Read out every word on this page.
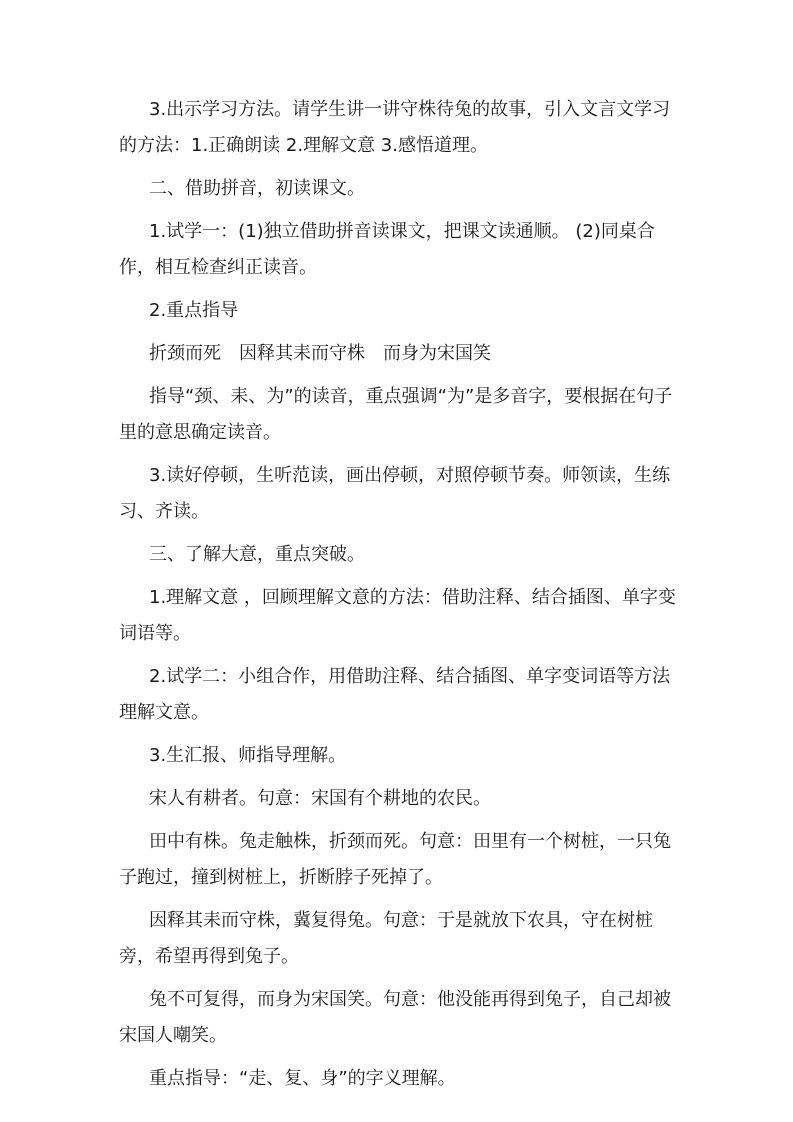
3.出示学习方法。请学生讲一讲守株待兔的故事，引入文言文学习的方法：1.正确朗读 2.理解文意 3.感悟道理。

二、借助拼音，初读课文。

1.试学一：(1)独立借助拼音读课文，把课文读通顺。 (2)同桌合作，相互检查纠正读音。

2.重点指导

折颈而死　因释其耒而守株　而身为宋国笑

指导“颈、耒、为”的读音，重点强调“为”是多音字，要根据在句子里的意思确定读音。

3.读好停顿，生听范读，画出停顿，对照停顿节奏。师领读，生练习、齐读。

三、了解大意，重点突破。

1.理解文意 ，回顾理解文意的方法：借助注释、结合插图、单字变词语等。

2.试学二：小组合作，用借助注释、结合插图、单字变词语等方法理解文意。

3.生汇报、师指导理解。

宋人有耕者。句意：宋国有个耕地的农民。

田中有株。兔走触株，折颈而死。句意：田里有一个树桩，一只兔子跑过，撞到树桩上，折断脖子死掉了。

因释其耒而守株，冀复得兔。句意：于是就放下农具，守在树桩旁，希望再得到兔子。

兔不可复得，而身为宋国笑。句意：他没能再得到兔子，自己却被宋国人嘲笑。

重点指导：“走、复、身”的字义理解。
